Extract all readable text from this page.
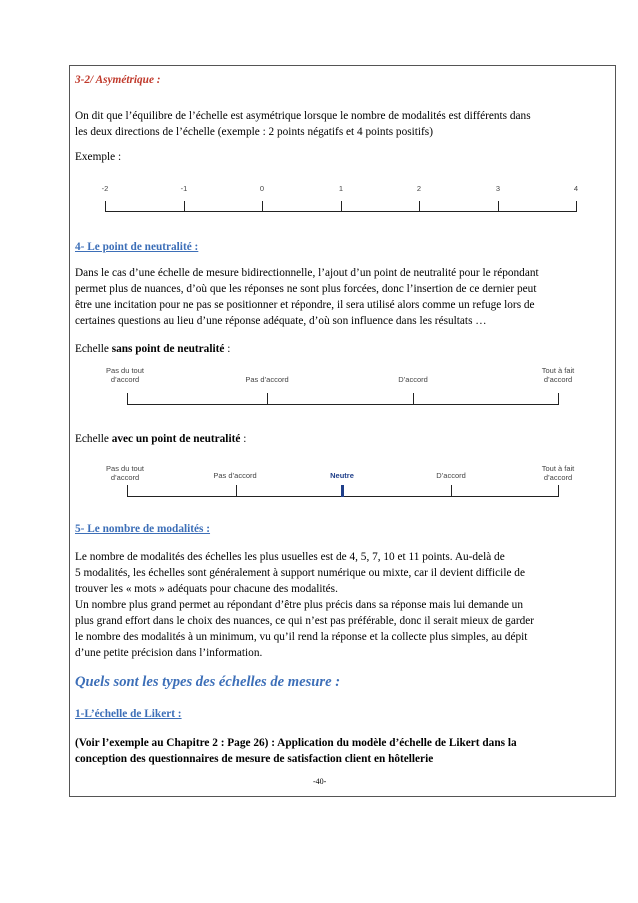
3-2/ Asymétrique :
On dit que l’équilibre de l’échelle est asymétrique lorsque le nombre de modalités est différents dans
les deux directions de l’échelle (exemple : 2 points négatifs et 4 points positifs)
Exemple :
-2	-1	0	1	2	3	4
4- Le point de neutralité :
Dans le cas d’une échelle de mesure bidirectionnelle, l’ajout d’un point de neutralité pour le répondant
permet plus de nuances, d’où que les réponses ne sont plus forcées, donc l’insertion de ce dernier peut
être une incitation pour ne pas se positionner et répondre, il sera utilisé alors comme un refuge lors de
certaines questions au lieu d’une réponse adéquate, d’où son influence dans les résultats …
Echelle sans point de neutralité :
Pas du tout
d’accord	Pas d’accord	D’accord
Tout à fait
d’accord
Echelle avec un point de neutralité :
Pas du tout
d’accord	Pas d’accord	Neutre	D’accord
Tout à fait
d’accord
5- Le nombre de modalités :
Le nombre de modalités des échelles les plus usuelles est de 4, 5, 7, 10 et 11 points. Au-delà de
5 modalités, les échelles sont généralement à support numérique ou mixte, car il devient difficile de
trouver les « mots » adéquats pour chacune des modalités.
Un nombre plus grand permet au répondant d’être plus précis dans sa réponse mais lui demande un
plus grand effort dans le choix des nuances, ce qui n’est pas préférable, donc il serait mieux de garder
le nombre des modalités à un minimum, vu qu’il rend la réponse et la collecte plus simples, au dépit
d’une petite précision dans l’information.
Quels sont les types des échelles de mesure :
1-L’échelle de Likert :
(Voir l’exemple au Chapitre 2 : Page 26) : Application du modèle d’échelle de Likert dans la
conception des questionnaires de mesure de satisfaction client en hôtellerie
-40-
